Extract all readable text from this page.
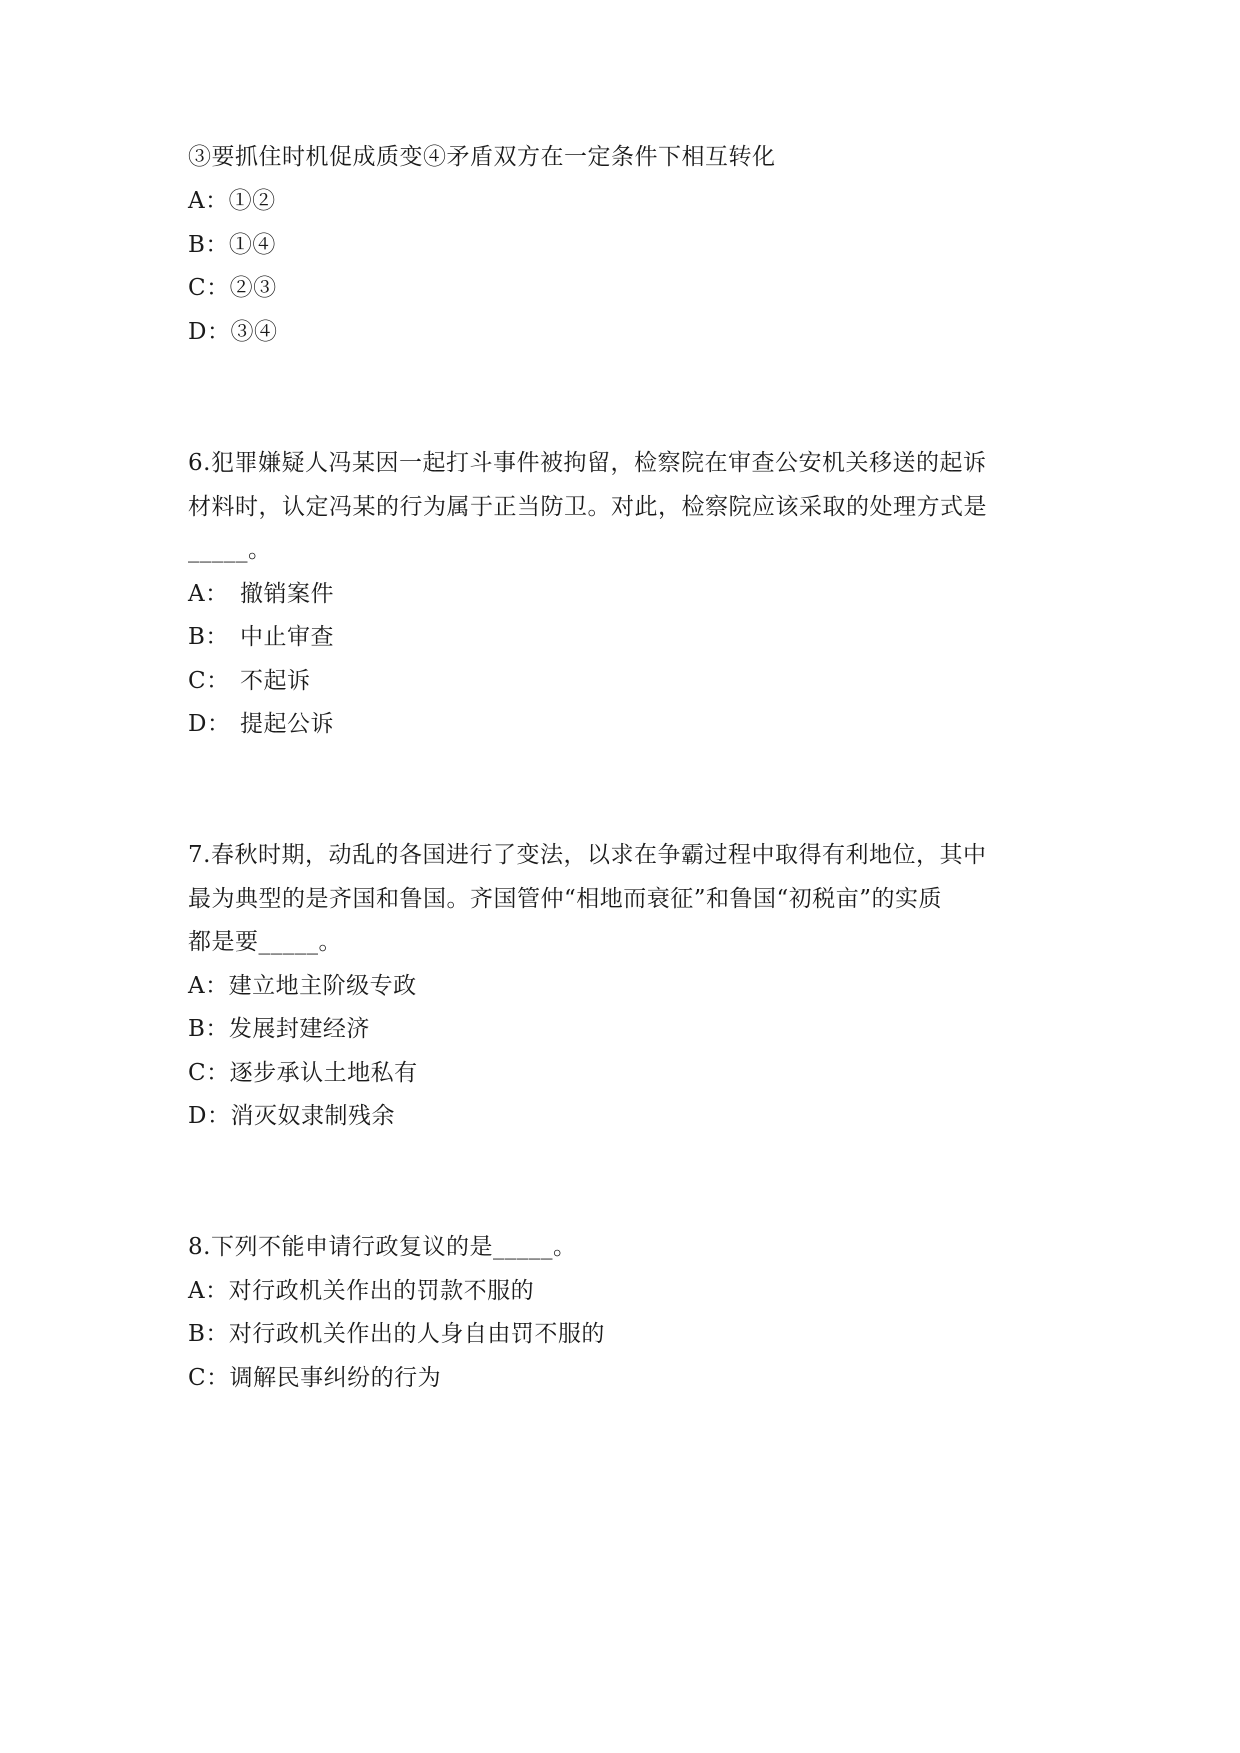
③要抓住时机促成质变④矛盾双方在一定条件下相互转化
A：①②
B：①④
C：②③
D：③④
6.犯罪嫌疑人冯某因一起打斗事件被拘留，检察院在审查公安机关移送的起诉
材料时，认定冯某的行为属于正当防卫。对此，检察院应该采取的处理方式是
_____。
A： 撤销案件
B： 中止审查
C： 不起诉
D： 提起公诉
7.春秋时期，动乱的各国进行了变法，以求在争霸过程中取得有利地位，其中
最为典型的是齐国和鲁国。齐国管仲“相地而衰征”和鲁国“初税亩”的实质
都是要_____。
A：建立地主阶级专政
B：发展封建经济
C：逐步承认土地私有
D：消灭奴隶制残余
8.下列不能申请行政复议的是_____。
A：对行政机关作出的罚款不服的
B：对行政机关作出的人身自由罚不服的
C：调解民事纠纷的行为
